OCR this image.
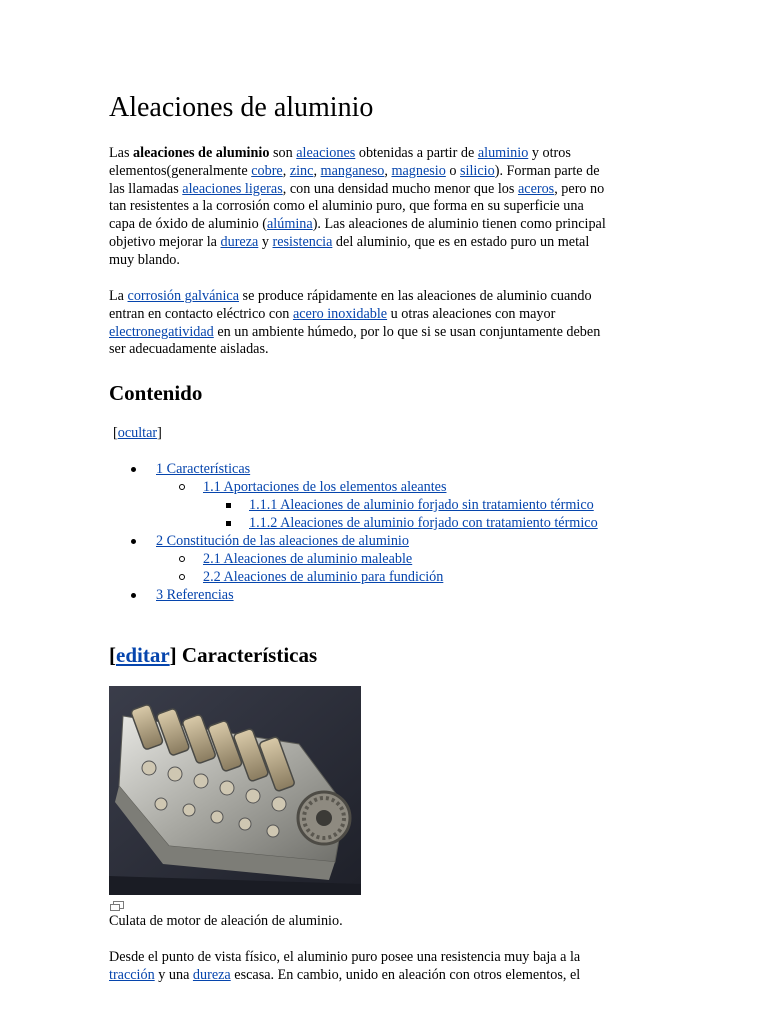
Aleaciones de aluminio

Las aleaciones de aluminio son aleaciones obtenidas a partir de aluminio y otros
elementos(generalmente cobre, zinc, manganeso, magnesio o silicio). Forman parte de
las llamadas aleaciones ligeras, con una densidad mucho menor que los aceros, pero no
tan resistentes a la corrosión como el aluminio puro, que forma en su superficie una
capa de óxido de aluminio (alúmina). Las aleaciones de aluminio tienen como principal
objetivo mejorar la dureza y resistencia del aluminio, que es en estado puro un metal
muy blando.

La corrosión galvánica se produce rápidamente en las aleaciones de aluminio cuando
entran en contacto eléctrico con acero inoxidable u otras aleaciones con mayor
electronegatividad en un ambiente húmedo, por lo que si se usan conjuntamente deben
ser adecuadamente aisladas.

Contenido
[ocultar]
1 Características
1.1 Aportaciones de los elementos aleantes
1.1.1 Aleaciones de aluminio forjado sin tratamiento térmico
1.1.2 Aleaciones de aluminio forjado con tratamiento térmico
2 Constitución de las aleaciones de aluminio
2.1 Aleaciones de aluminio maleable
2.2 Aleaciones de aluminio para fundición
3 Referencias
[editar] Características
Culata de motor de aleación de aluminio.

Desde el punto de vista físico, el aluminio puro posee una resistencia muy baja a la
tracción y una dureza escasa. En cambio, unido en aleación con otros elementos, el
